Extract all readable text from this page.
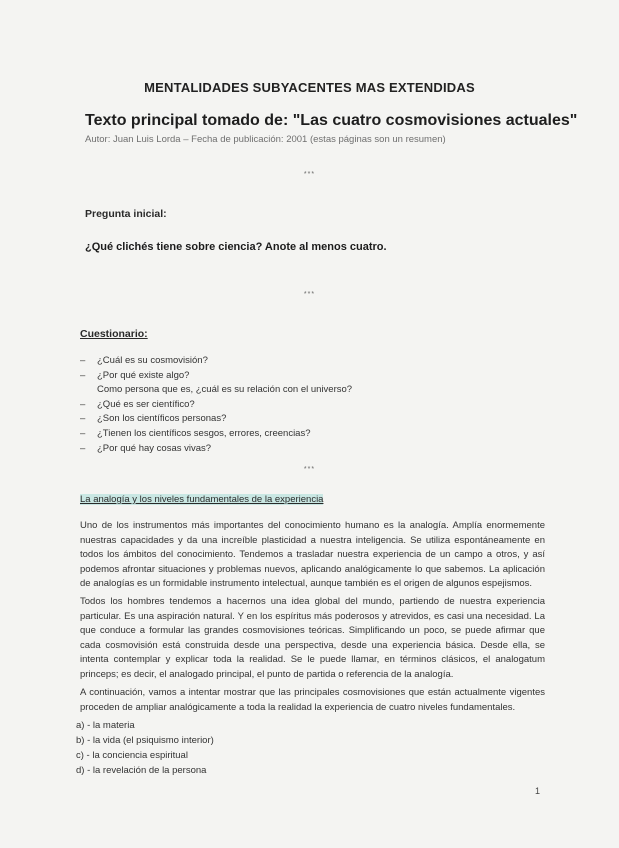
MENTALIDADES SUBYACENTES MAS EXTENDIDAS
Texto principal tomado de: "Las cuatro cosmovisiones actuales"
Autor: Juan Luis Lorda – Fecha de publicación: 2001 (estas páginas son un resumen)
***
Pregunta inicial:
¿Qué clichés tiene sobre ciencia? Anote al menos cuatro.
***
Cuestionario:
– ¿Cuál es su cosmovisión?
– ¿Por qué existe algo?
Como persona que es, ¿cuál es su relación con el universo?
– ¿Qué es ser científico?
– ¿Son los científicos personas?
– ¿Tienen los científicos sesgos, errores, creencias?
– ¿Por qué hay cosas vivas?
***
La analogía y los niveles fundamentales de la experiencia

Uno de los instrumentos más importantes del conocimiento humano es la analogía. Amplía enormemente nuestras capacidades y da una increíble plasticidad a nuestra inteligencia. Se utiliza espontáneamente en todos los ámbitos del conocimiento. Tendemos a trasladar nuestra experiencia de un campo a otros, y así podemos afrontar situaciones y problemas nuevos, aplicando analógicamente lo que sabemos. La aplicación de analogías es un formidable instrumento intelectual, aunque también es el origen de algunos espejismos.

Todos los hombres tendemos a hacernos una idea global del mundo, partiendo de nuestra experiencia particular. Es una aspiración natural. Y en los espíritus más poderosos y atrevidos, es casi una necesidad. La que conduce a formular las grandes cosmovisiones teóricas. Simplificando un poco, se puede afirmar que cada cosmovisión está construida desde una perspectiva, desde una experiencia básica. Desde ella, se intenta contemplar y explicar toda la realidad. Se le puede llamar, en términos clásicos, el analogatum princeps; es decir, el analogado principal, el punto de partida o referencia de la analogía.

A continuación, vamos a intentar mostrar que las principales cosmovisiones que están actualmente vigentes proceden de ampliar analógicamente a toda la realidad la experiencia de cuatro niveles fundamentales.

a) - la materia
b) - la vida (el psiquismo interior)
c) - la conciencia espiritual
d) - la revelación de la persona
1
